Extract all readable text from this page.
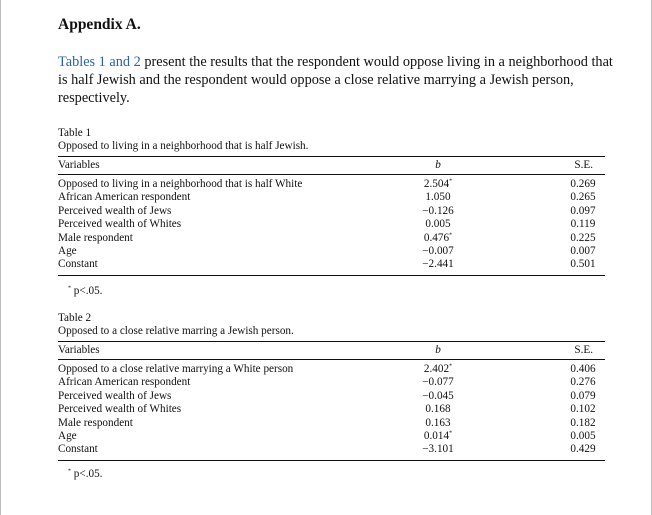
Appendix A.
Tables 1 and 2 present the results that the respondent would oppose living in a neighborhood that is half Jewish and the respondent would oppose a close relative marrying a Jewish person, respectively.
Table 1
Opposed to living in a neighborhood that is half Jewish.
Variables	b	S.E.
Opposed to living in a neighborhood that is half White	2.504*	0.269
African American respondent	1.050	0.265
Perceived wealth of Jews	−0.126	0.097
Perceived wealth of Whites	0.005	0.119
Male respondent	0.476*	0.225
Age	−0.007	0.007
Constant	−2.441	0.501
* p<.05.
Table 2
Opposed to a close relative marring a Jewish person.
Variables	b	S.E.
Opposed to a close relative marrying a White person	2.402*	0.406
African American respondent	−0.077	0.276
Perceived wealth of Jews	−0.045	0.079
Perceived wealth of Whites	0.168	0.102
Male respondent	0.163	0.182
Age	0.014*	0.005
Constant	−3.101	0.429
* p<.05.
